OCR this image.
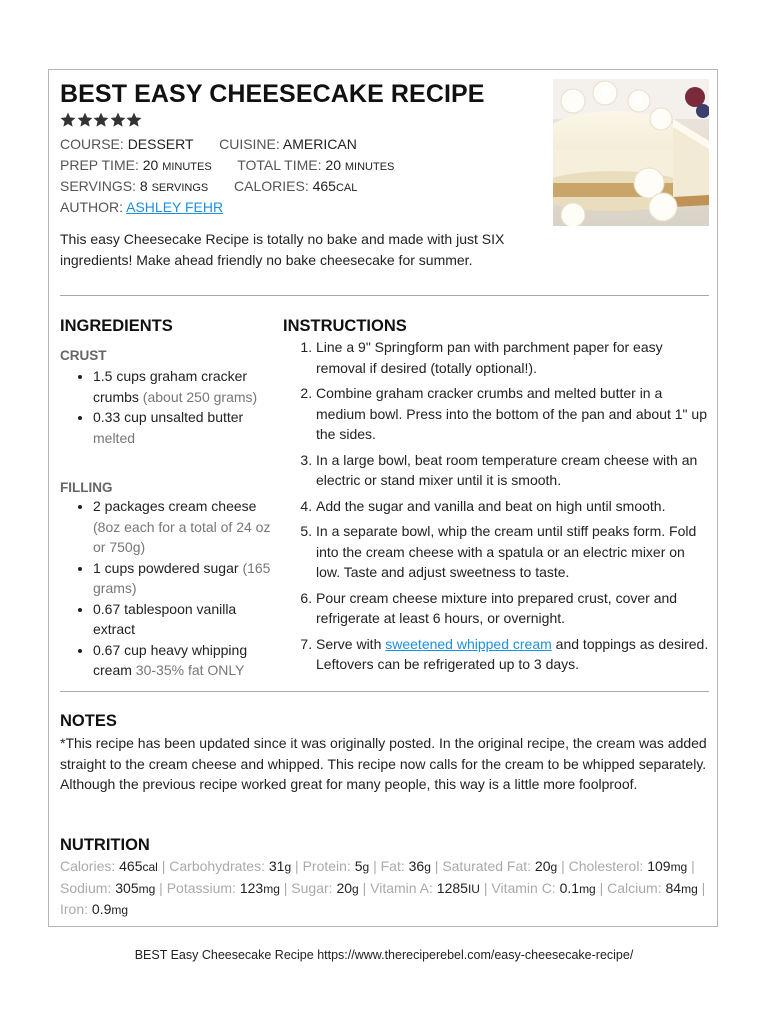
BEST EASY CHEESECAKE RECIPE
COURSE: DESSERT CUISINE: AMERICAN
PREP TIME: 20 MINUTES TOTAL TIME: 20 MINUTES
SERVINGS: 8 SERVINGS CALORIES: 465CAL
AUTHOR: ASHLEY FEHR
This easy Cheesecake Recipe is totally no bake and made with just SIX ingredients! Make ahead friendly no bake cheesecake for summer.
INGREDIENTS
CRUST
• 1.5 cups graham cracker crumbs (about 250 grams)
• 0.33 cup unsalted butter melted
FILLING
• 2 packages cream cheese (8oz each for a total of 24 oz or 750g)
• 1 cups powdered sugar (165 grams)
• 0.67 tablespoon vanilla extract
• 0.67 cup heavy whipping cream 30-35% fat ONLY
INSTRUCTIONS
1. Line a 9" Springform pan with parchment paper for easy removal if desired (totally optional!).
2. Combine graham cracker crumbs and melted butter in a medium bowl. Press into the bottom of the pan and about 1" up the sides.
3. In a large bowl, beat room temperature cream cheese with an electric or stand mixer until it is smooth.
4. Add the sugar and vanilla and beat on high until smooth.
5. In a separate bowl, whip the cream until stiff peaks form. Fold into the cream cheese with a spatula or an electric mixer on low. Taste and adjust sweetness to taste.
6. Pour cream cheese mixture into prepared crust, cover and refrigerate at least 6 hours, or overnight.
7. Serve with sweetened whipped cream and toppings as desired. Leftovers can be refrigerated up to 3 days.
NOTES
*This recipe has been updated since it was originally posted. In the original recipe, the cream was added straight to the cream cheese and whipped. This recipe now calls for the cream to be whipped separately. Although the previous recipe worked great for many people, this way is a little more foolproof.
NUTRITION
Calories: 465cal | Carbohydrates: 31g | Protein: 5g | Fat: 36g | Saturated Fat: 20g | Cholesterol: 109mg | Sodium: 305mg | Potassium: 123mg | Sugar: 20g | Vitamin A: 1285IU | Vitamin C: 0.1mg | Calcium: 84mg | Iron: 0.9mg
BEST Easy Cheesecake Recipe https://www.thereciperebel.com/easy-cheesecake-recipe/
